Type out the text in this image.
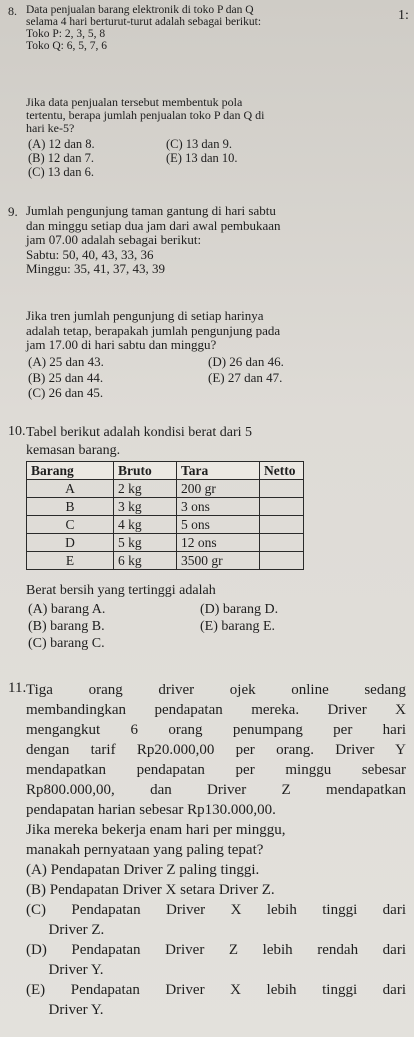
1:
8. Data penjualan barang elektronik di toko P dan Q
selama 4 hari berturut-turut adalah sebagai berikut:
Toko P: 2, 3, 5, 8
Toko Q: 6, 5, 7, 6
Jika data penjualan tersebut membentuk pola
tertentu, berapa jumlah penjualan toko P dan Q di
hari ke-5?
(A) 12 dan 8.	(C) 13 dan 9.
(B) 12 dan 7.	(E) 13 dan 10.
(C) 13 dan 6.
9. Jumlah pengunjung taman gantung di hari sabtu
dan minggu setiap dua jam dari awal pembukaan
jam 07.00 adalah sebagai berikut:
Sabtu: 50, 40, 43, 33, 36
Minggu: 35, 41, 37, 43, 39
Jika tren jumlah pengunjung di setiap harinya
adalah tetap, berapakah jumlah pengunjung pada
jam 17.00 di hari sabtu dan minggu?
(A) 25 dan 43.	(D) 26 dan 46.
(B) 25 dan 44.	(E) 27 dan 47.
(C) 26 dan 45.
10. Tabel berikut adalah kondisi berat dari 5
kemasan barang.
Barang	Bruto	Tara	Netto
A	2 kg	200 gr	
B	3 kg	3 ons	
C	4 kg	5 ons	
D	5 kg	12 ons	
E	6 kg	3500 gr	
Berat bersih yang tertinggi adalah
(A) barang A.	(D) barang D.
(B) barang B.	(E) barang E.
(C) barang C.
11. Tiga orang driver ojek online sedang
membandingkan pendapatan mereka. Driver X
mengangkut 6 orang penumpang per hari
dengan tarif Rp20.000,00 per orang. Driver Y
mendapatkan pendapatan per minggu sebesar
Rp800.000,00, dan Driver Z mendapatkan
pendapatan harian sebesar Rp130.000,00.
Jika mereka bekerja enam hari per minggu,
manakah pernyataan yang paling tepat?
(A) Pendapatan Driver Z paling tinggi.
(B) Pendapatan Driver X setara Driver Z.
(C) Pendapatan Driver X lebih tinggi dari
Driver Z.
(D) Pendapatan Driver Z lebih rendah dari
Driver Y.
(E) Pendapatan Driver X lebih tinggi dari
Driver Y.
